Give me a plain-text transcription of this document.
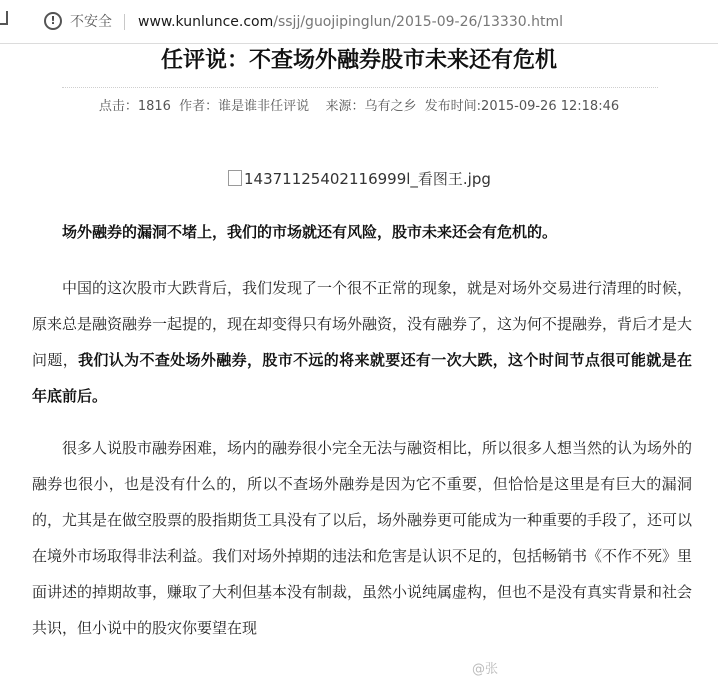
!	不安全 www.kunlunce.com/ssjj/guojipinglun/2015-09-26/13330.html
任评说：不查场外融券股市未来还有危机
点击：1816 作者：谁是谁非任评说 来源：乌有之乡 发布时间:2015-09-26 12:18:46
14371125402116999l_看图王.jpg

场外融券的漏洞不堵上，我们的市场就还有风险，股市未来还会有危机的。

中国的这次股市大跌背后，我们发现了一个很不正常的现象，就是对场外交易进行清理的时候，原来总是融资融券一起提的，现在却变得只有场外融资，没有融券了，这为何不提融券，背后才是大问题，我们认为不查处场外融券，股市不远的将来就要还有一次大跌，这个时间节点很可能就是在年底前后。

很多人说股市融券困难，场内的融券很小完全无法与融资相比，所以很多人想当然的认为场外的融券也很小，也是没有什么的，所以不查场外融券是因为它不重要，但恰恰是这里是有巨大的漏洞的，尤其是在做空股票的股指期货工具没有了以后，场外融券更可能成为一种重要的手段了，还可以在境外市场取得非法利益。我们对场外掉期的违法和危害是认识不足的，包括畅销书《不作不死》里面讲述的掉期故事，赚取了大利但基本没有制裁，虽然小说纯属虚构，但也不是没有真实背景和社会共识，但小说中的股灾你要望在现

@张
